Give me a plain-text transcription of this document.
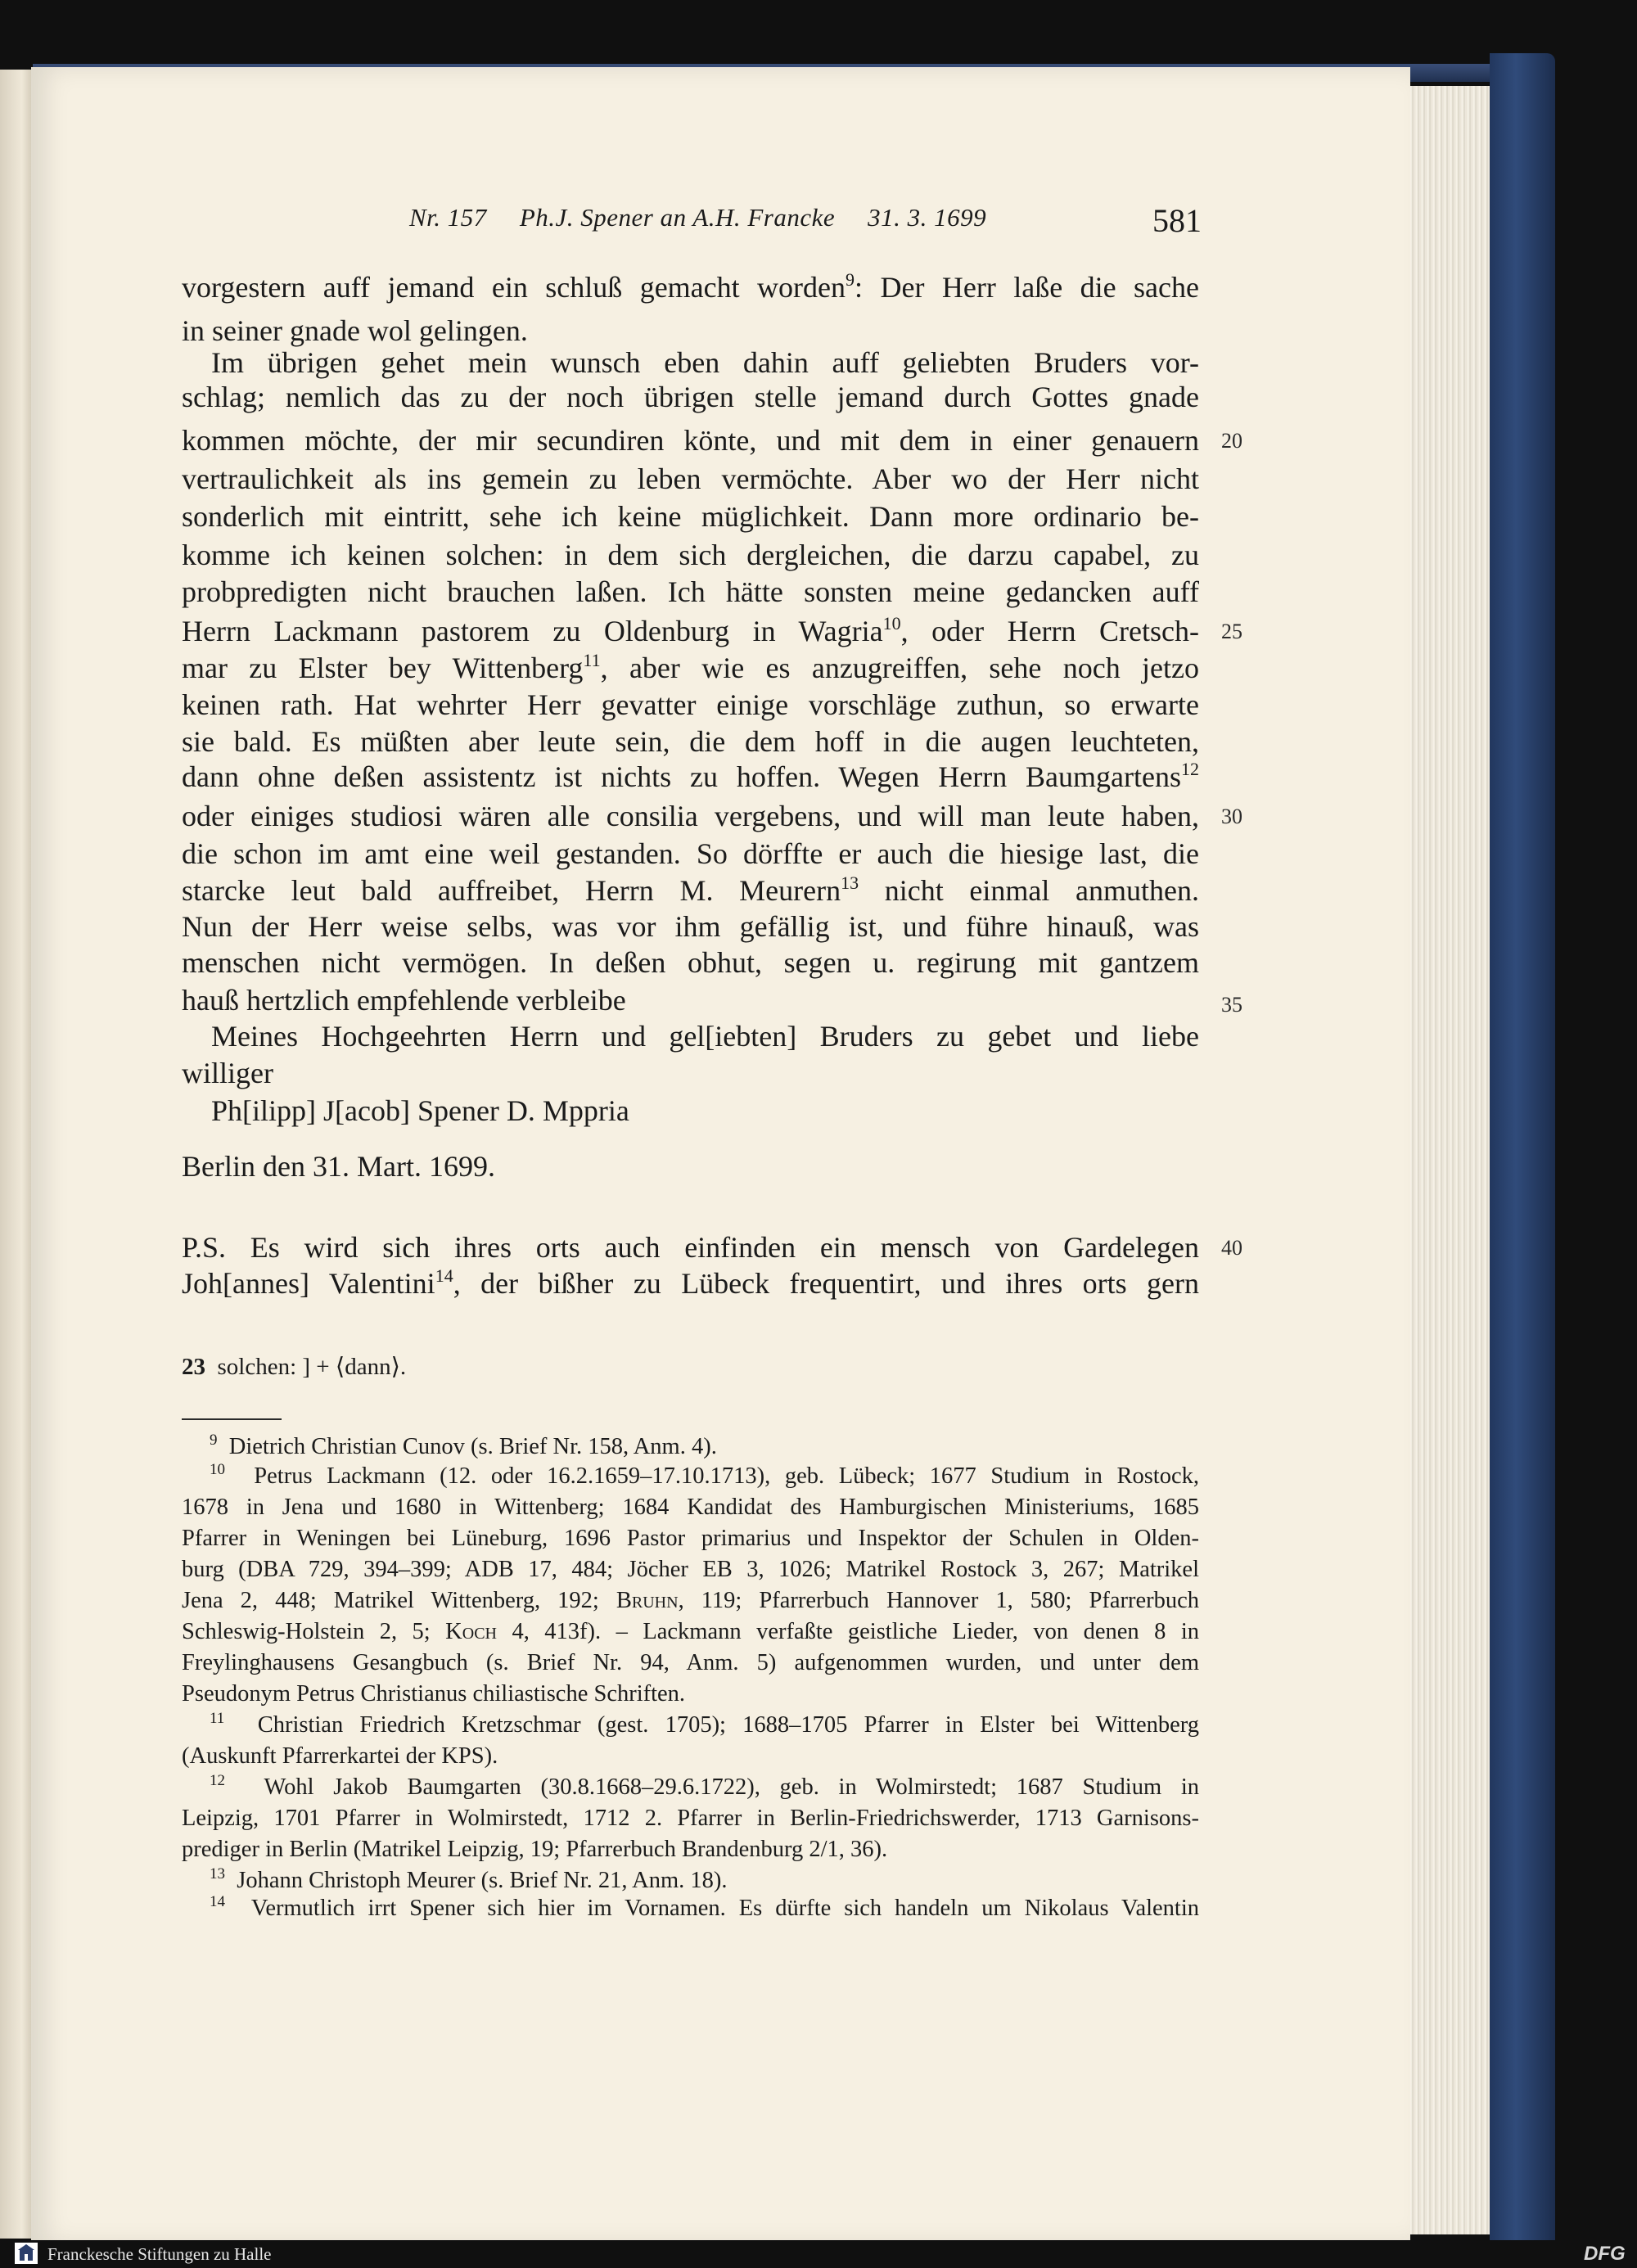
Nr. 157 Ph.J. Spener an A.H. Francke 31. 3. 1699	581
vorgestern auff jemand ein schluß gemacht worden$^9$: Der Herr laße die sache
in seiner gnade wol gelingen.
Im übrigen gehet mein wunsch eben dahin auff geliebten Bruders vor-
schlag; nemlich das zu der noch übrigen stelle jemand durch Gottes gnade
kommen möchte, der mir secundiren könte, und mit dem in einer genauern 20
vertraulichkeit als ins gemein zu leben vermöchte. Aber wo der Herr nicht
sonderlich mit eintritt, sehe ich keine müglichkeit. Dann more ordinario be-
komme ich keinen solchen: in dem sich dergleichen, die darzu capabel, zu
probpredigten nicht brauchen laßen. Ich hätte sonsten meine gedancken auff
Herrn Lackmann pastorem zu Oldenburg in Wagria$^{10}$, oder Herrn Cretsch- 25
mar zu Elster bey Wittenberg$^{11}$, aber wie es anzugreiffen, sehe noch jetzo
keinen rath. Hat wehrter Herr gevatter einige vorschläge zuthun, so erwarte
sie bald. Es müßten aber leute sein, die dem hoff in die augen leuchteten,
dann ohne deßen assistentz ist nichts zu hoffen. Wegen Herrn Baumgartens$^{12}$
oder einiges studiosi wären alle consilia vergebens, und will man leute haben, 30
die schon im amt eine weil gestanden. So dörffte er auch die hiesige last, die
starcke leut bald auffreibet, Herrn M. Meurern$^{13}$ nicht einmal anmuthen.
Nun der Herr weise selbs, was vor ihm gefällig ist, und führe hinauß, was
menschen nicht vermögen. In deßen obhut, segen u. regirung mit gantzem
hauß hertzlich empfehlende verbleibe	35
Meines Hochgeehrten Herrn und gel[iebten] Bruders zu gebet und liebe
williger
Ph[ilipp] J[acob] Spener D. Mppria
Berlin den 31. Mart. 1699.
P.S. Es wird sich ihres orts auch einfinden ein mensch von Gardelegen 40
Joh[annes] Valentini$^{14}$, der bißher zu Lübeck frequentirt, und ihres orts gern
23 solchen: ] + ⟨dann⟩.
$^9$ Dietrich Christian Cunov (s. Brief Nr. 158, Anm. 4).
$^{10}$ Petrus Lackmann (12. oder 16.2.1659–17.10.1713), geb. Lübeck; 1677 Studium in Rostock,
1678 in Jena und 1680 in Wittenberg; 1684 Kandidat des Hamburgischen Ministeriums, 1685
Pfarrer in Weningen bei Lüneburg, 1696 Pastor primarius und Inspektor der Schulen in Olden-
burg (DBA 729, 394–399; ADB 17, 484; Jöcher EB 3, 1026; Matrikel Rostock 3, 267; Matrikel
Jena 2, 448; Matrikel Wittenberg, 192; Bruhn, 119; Pfarrerbuch Hannover 1, 580; Pfarrerbuch
Schleswig-Holstein 2, 5; Koch 4, 413f). – Lackmann verfaßte geistliche Lieder, von denen 8 in
Freylinghausens Gesangbuch (s. Brief Nr. 94, Anm. 5) aufgenommen wurden, und unter dem
Pseudonym Petrus Christianus chiliastische Schriften.
$^{11}$ Christian Friedrich Kretzschmar (gest. 1705); 1688–1705 Pfarrer in Elster bei Wittenberg
(Auskunft Pfarrerkartei der KPS).
$^{12}$ Wohl Jakob Baumgarten (30.8.1668–29.6.1722), geb. in Wolmirstedt; 1687 Studium in
Leipzig, 1701 Pfarrer in Wolmirstedt, 1712 2. Pfarrer in Berlin-Friedrichswerder, 1713 Garnisons-
prediger in Berlin (Matrikel Leipzig, 19; Pfarrerbuch Brandenburg 2/1, 36).
$^{13}$ Johann Christoph Meurer (s. Brief Nr. 21, Anm. 18).
$^{14}$ Vermutlich irrt Spener sich hier im Vornamen. Es dürfte sich handeln um Nikolaus Valentin
Franckesche Stiftungen zu Halle	DFG
